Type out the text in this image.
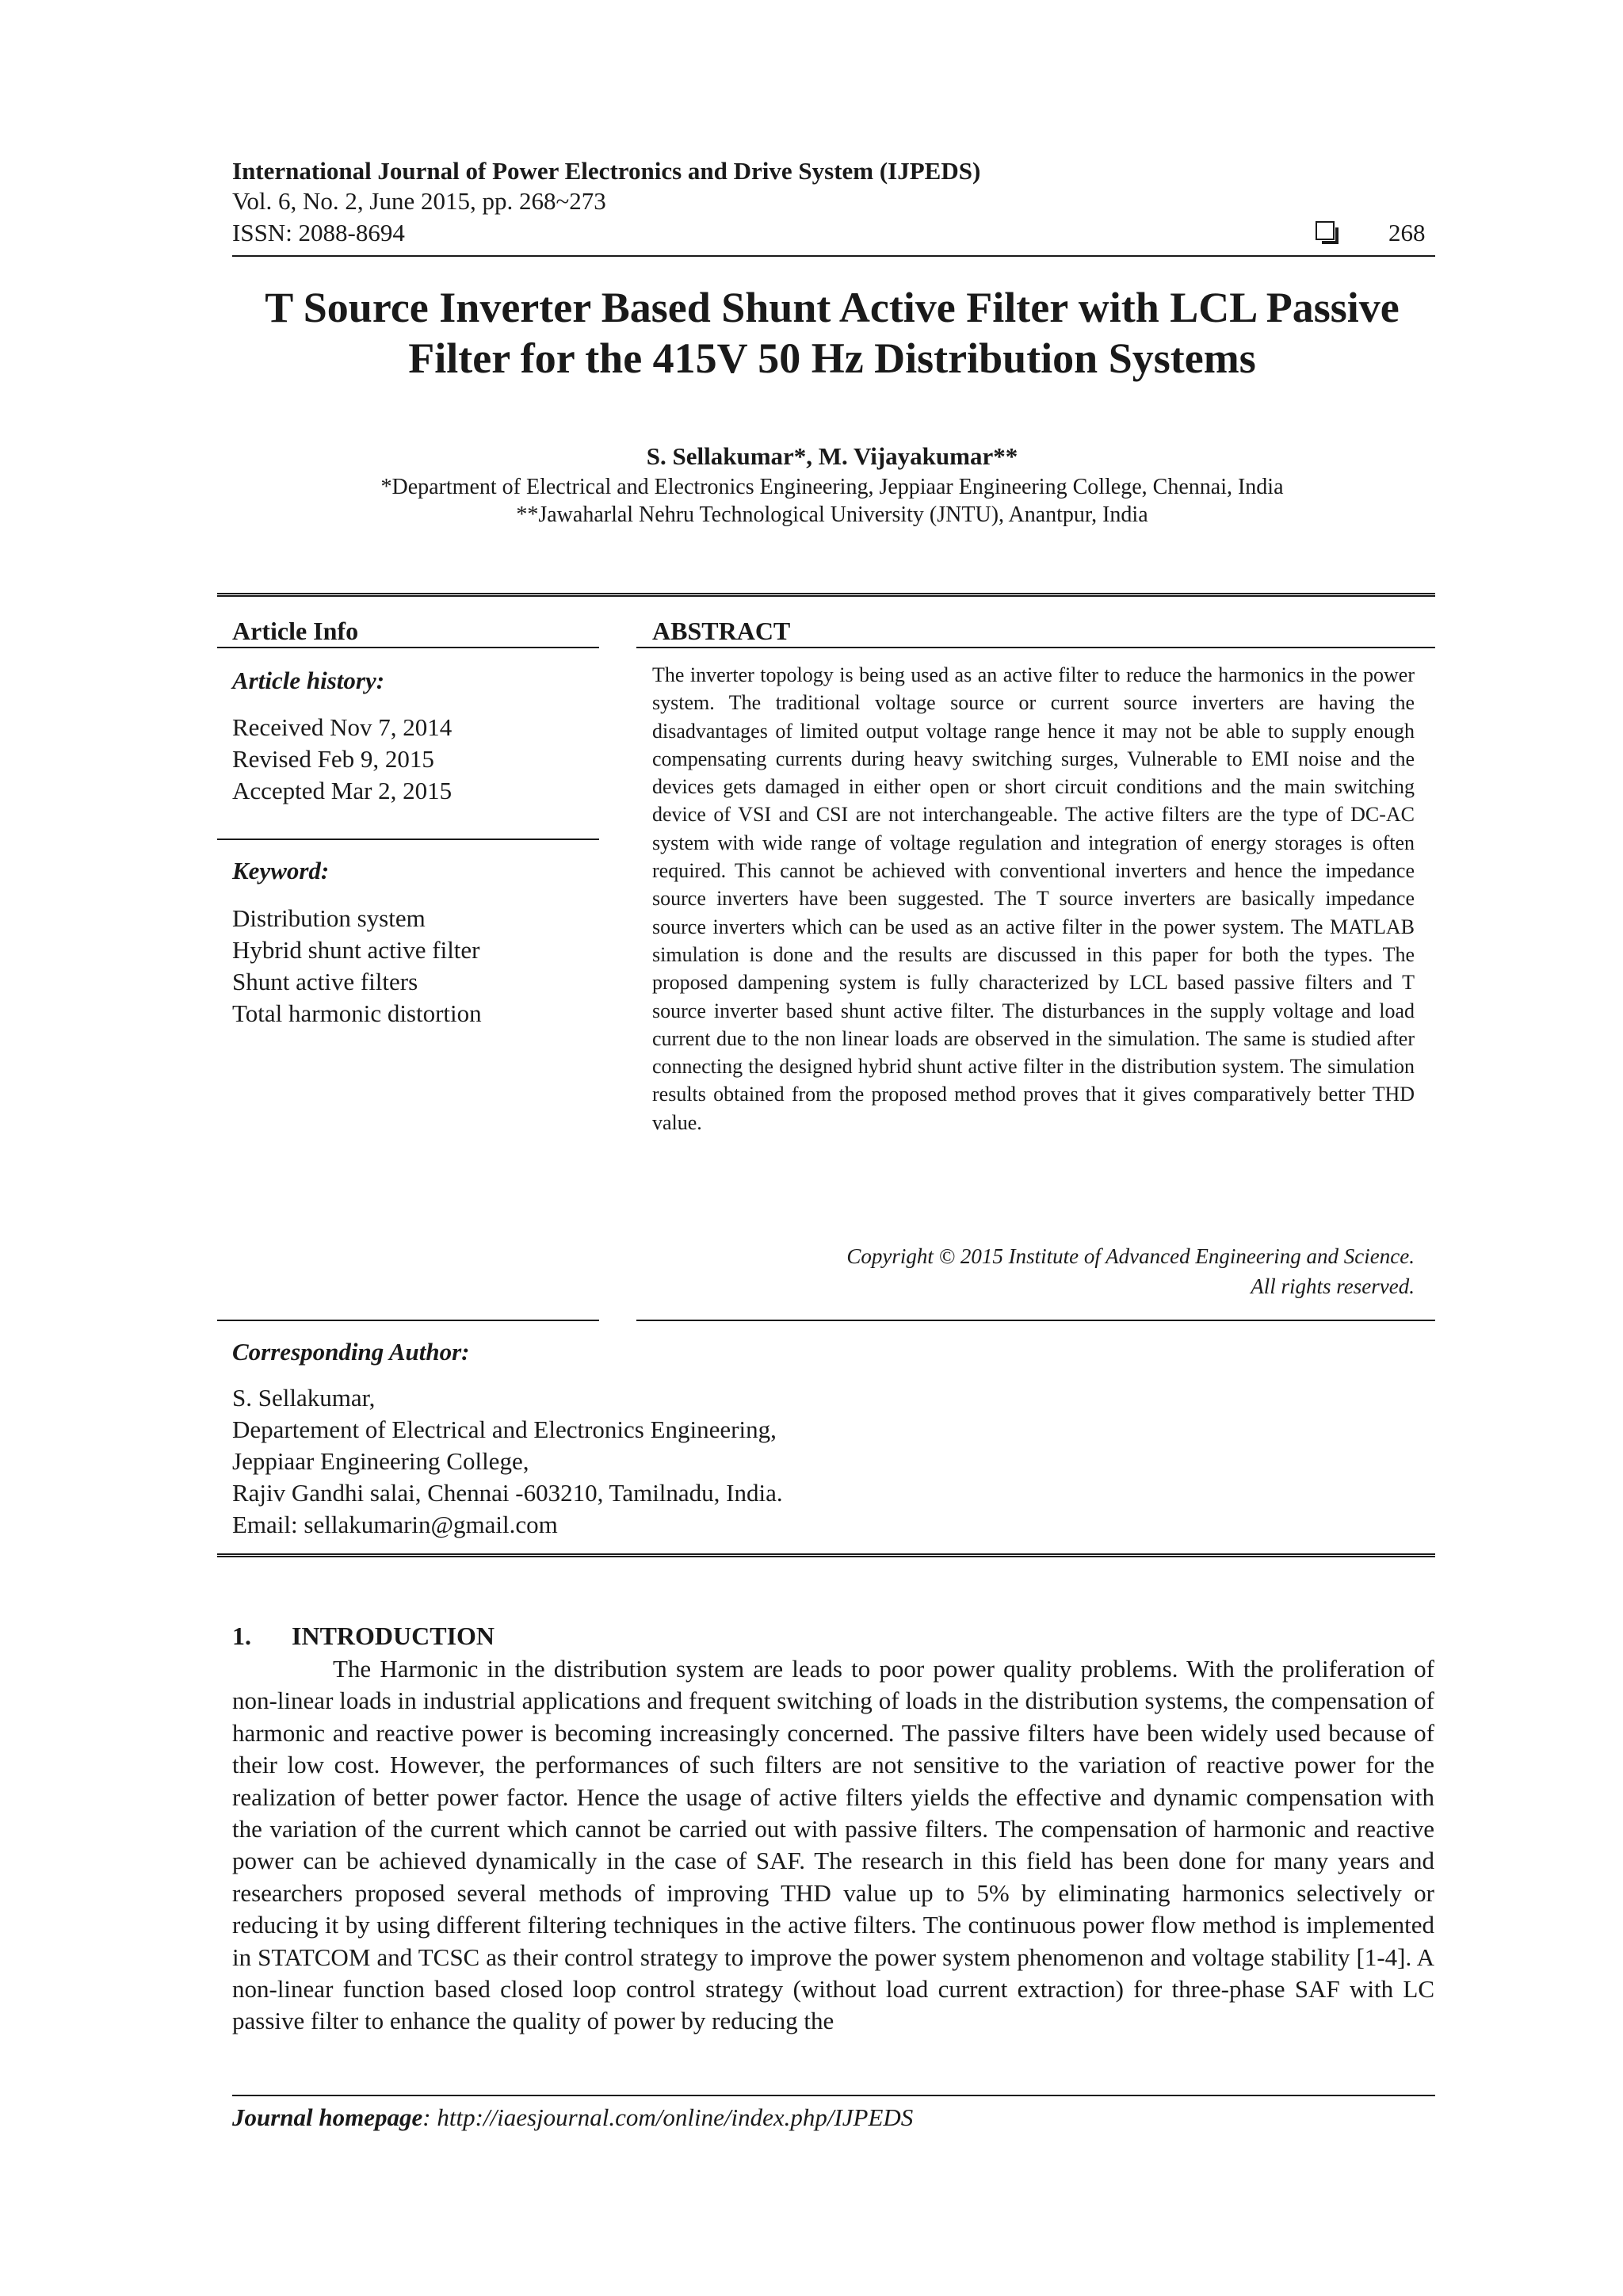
International Journal of Power Electronics and Drive System (IJPEDS)
Vol. 6, No. 2, June 2015, pp. 268~273
ISSN: 2088-8694	268
T Source Inverter Based Shunt Active Filter with LCL Passive
Filter for the 415V 50 Hz Distribution Systems
S. Sellakumar*, M. Vijayakumar**
*Department of Electrical and Electronics Engineering, Jeppiaar Engineering College, Chennai, India
**Jawaharlal Nehru Technological University (JNTU), Anantpur, India
Article Info
Article history:
Received Nov 7, 2014
Revised Feb 9, 2015
Accepted Mar 2, 2015
Keyword:
Distribution system
Hybrid shunt active filter
Shunt active filters
Total harmonic distortion
ABSTRACT
The inverter topology is being used as an active filter to reduce the harmonics in the power system. The traditional voltage source or current source inverters are having the disadvantages of limited output voltage range hence it may not be able to supply enough compensating currents during heavy switching surges, Vulnerable to EMI noise and the devices gets damaged in either open or short circuit conditions and the main switching device of VSI and CSI are not interchangeable. The active filters are the type of DC-AC system with wide range of voltage regulation and integration of energy storages is often required. This cannot be achieved with conventional inverters and hence the impedance source inverters have been suggested. The T source inverters are basically impedance source inverters which can be used as an active filter in the power system. The MATLAB simulation is done and the results are discussed in this paper for both the types. The proposed dampening system is fully characterized by LCL based passive filters and T source inverter based shunt active filter. The disturbances in the supply voltage and load current due to the non linear loads are observed in the simulation. The same is studied after connecting the designed hybrid shunt active filter in the distribution system. The simulation results obtained from the proposed method proves that it gives comparatively better THD value.
Copyright © 2015 Institute of Advanced Engineering and Science.
All rights reserved.
Corresponding Author:
S. Sellakumar,
Departement of Electrical and Electronics Engineering,
Jeppiaar Engineering College,
Rajiv Gandhi salai, Chennai -603210, Tamilnadu, India.
Email: sellakumarin@gmail.com
1. INTRODUCTION
The Harmonic in the distribution system are leads to poor power quality problems. With the proliferation of non-linear loads in industrial applications and frequent switching of loads in the distribution systems, the compensation of harmonic and reactive power is becoming increasingly concerned. The passive filters have been widely used because of their low cost. However, the performances of such filters are not sensitive to the variation of reactive power for the realization of better power factor. Hence the usage of active filters yields the effective and dynamic compensation with the variation of the current which cannot be carried out with passive filters. The compensation of harmonic and reactive power can be achieved dynamically in the case of SAF. The research in this field has been done for many years and researchers proposed several methods of improving THD value up to 5% by eliminating harmonics selectively or reducing it by using different filtering techniques in the active filters. The continuous power flow method is implemented in STATCOM and TCSC as their control strategy to improve the power system phenomenon and voltage stability [1-4]. A non-linear function based closed loop control strategy (without load current extraction) for three-phase SAF with LC passive filter to enhance the quality of power by reducing the
Journal homepage: http://iaesjournal.com/online/index.php/IJPEDS
